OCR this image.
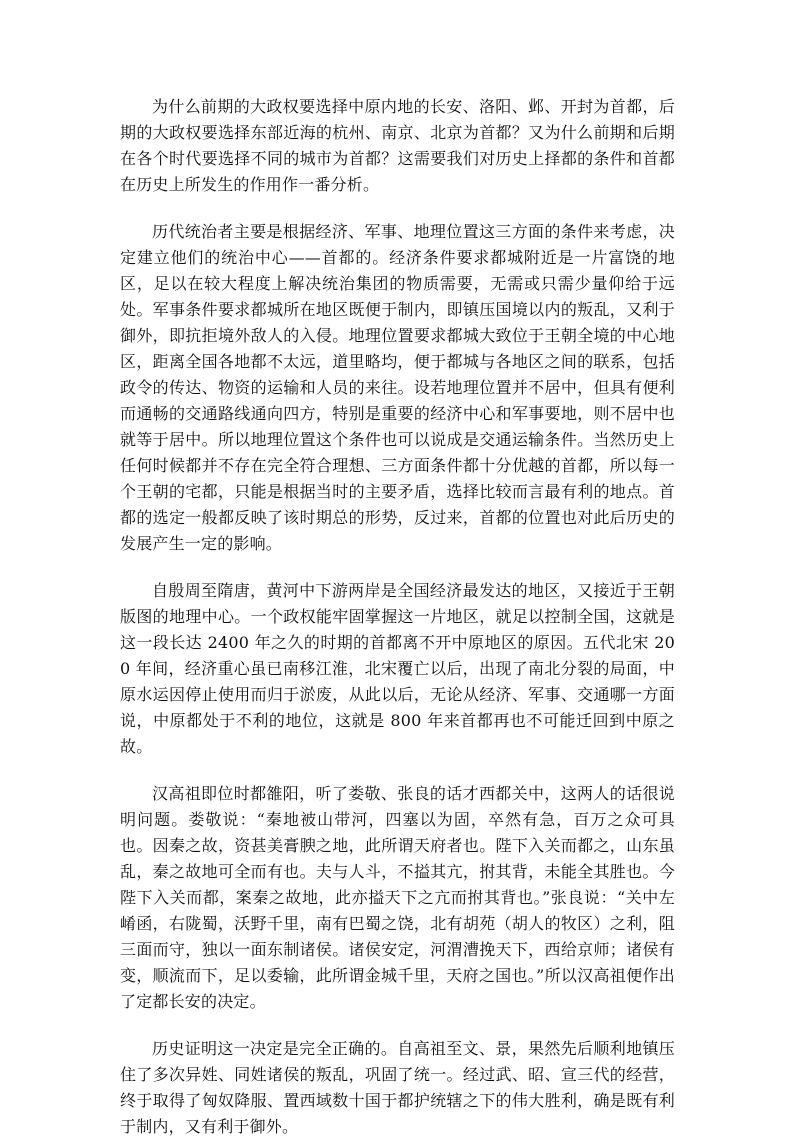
为什么前期的大政权要选择中原内地的长安、洛阳、邺、开封为首都，后期的大政权要选择东部近海的杭州、南京、北京为首都？又为什么前期和后期在各个时代要选择不同的城市为首都？这需要我们对历史上择都的条件和首都在历史上所发生的作用作一番分析。

历代统治者主要是根据经济、军事、地理位置这三方面的条件来考虑，决定建立他们的统治中心——首都的。经济条件要求都城附近是一片富饶的地区，足以在较大程度上解决统治集团的物质需要，无需或只需少量仰给于远处。军事条件要求都城所在地区既便于制内，即镇压国境以内的叛乱，又利于御外，即抗拒境外敌人的入侵。地理位置要求都城大致位于王朝全境的中心地区，距离全国各地都不太远，道里略均，便于都城与各地区之间的联系，包括政令的传达、物资的运输和人员的来往。设若地理位置并不居中，但具有便利而通畅的交通路线通向四方，特别是重要的经济中心和军事要地，则不居中也就等于居中。所以地理位置这个条件也可以说成是交通运输条件。当然历史上任何时候都并不存在完全符合理想、三方面条件都十分优越的首都，所以每一个王朝的宅都，只能是根据当时的主要矛盾，选择比较而言最有利的地点。首都的选定一般都反映了该时期总的形势，反过来，首都的位置也对此后历史的发展产生一定的影响。

自殷周至隋唐，黄河中下游两岸是全国经济最发达的地区，又接近于王朝版图的地理中心。一个政权能牢固掌握这一片地区，就足以控制全国，这就是这一段长达 2400 年之久的时期的首都离不开中原地区的原因。五代北宋 200 年间，经济重心虽已南移江淮，北宋覆亡以后，出现了南北分裂的局面，中原水运因停止使用而归于淤废，从此以后，无论从经济、军事、交通哪一方面说，中原都处于不利的地位，这就是 800 年来首都再也不可能迁回到中原之故。

汉高祖即位时都雒阳，听了娄敬、张良的话才西都关中，这两人的话很说明问题。娄敬说：“秦地被山带河，四塞以为固，卒然有急，百万之众可具也。因秦之故，资甚美膏腴之地，此所谓天府者也。陛下入关而都之，山东虽乱，秦之故地可全而有也。夫与人斗，不搤其亢，拊其背，未能全其胜也。今陛下入关而都，案秦之故地，此亦搤天下之亢而拊其背也。”张良说：“关中左崤函，右陇蜀，沃野千里，南有巴蜀之饶，北有胡苑（胡人的牧区）之利，阻三面而守，独以一面东制诸侯。诸侯安定，河渭漕挽天下，西给京师；诸侯有变，顺流而下，足以委输，此所谓金城千里，天府之国也。”所以汉高祖便作出了定都长安的决定。

历史证明这一决定是完全正确的。自高祖至文、景，果然先后顺利地镇压住了多次异姓、同姓诸侯的叛乱，巩固了统一。经过武、昭、宣三代的经营，终于取得了匈奴降服、置西域数十国于都护统辖之下的伟大胜利，确是既有利于制内，又有利于御外。
